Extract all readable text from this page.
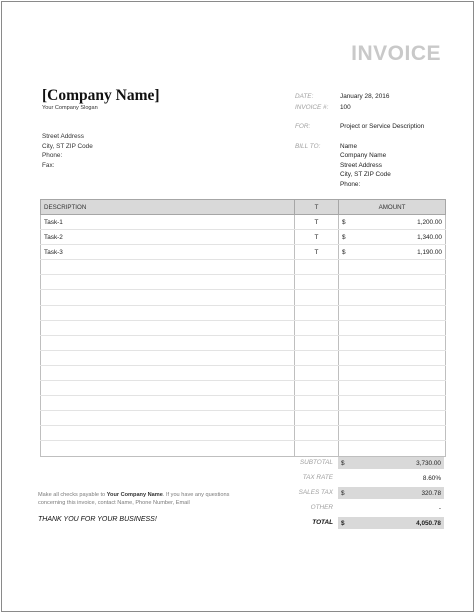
INVOICE
[Company Name]
Your Company Slogan
Street Address
City, ST ZIP Code
Phone:
Fax:
DATE:	January 28, 2016
INVOICE #: 100
FOR:	Project or Service Description
BILL TO:	Name
Company Name
Street Address
City, ST ZIP Code
Phone:
DESCRIPTION	T	AMOUNT
Task-1	T	$ 1,200.00

Task-2	T	$ 1,340.00

Task-3	T	$ 1,190.00

SUBTOTAL $	3,730.00
TAX RATE	8.60%
SALES TAX $	320.78
OTHER	-
TOTAL $	4,050.78
Make all checks payable to Your Company Name. If you have any questions concerning this invoice, contact Name, Phone Number, Email
THANK YOU FOR YOUR BUSINESS!
